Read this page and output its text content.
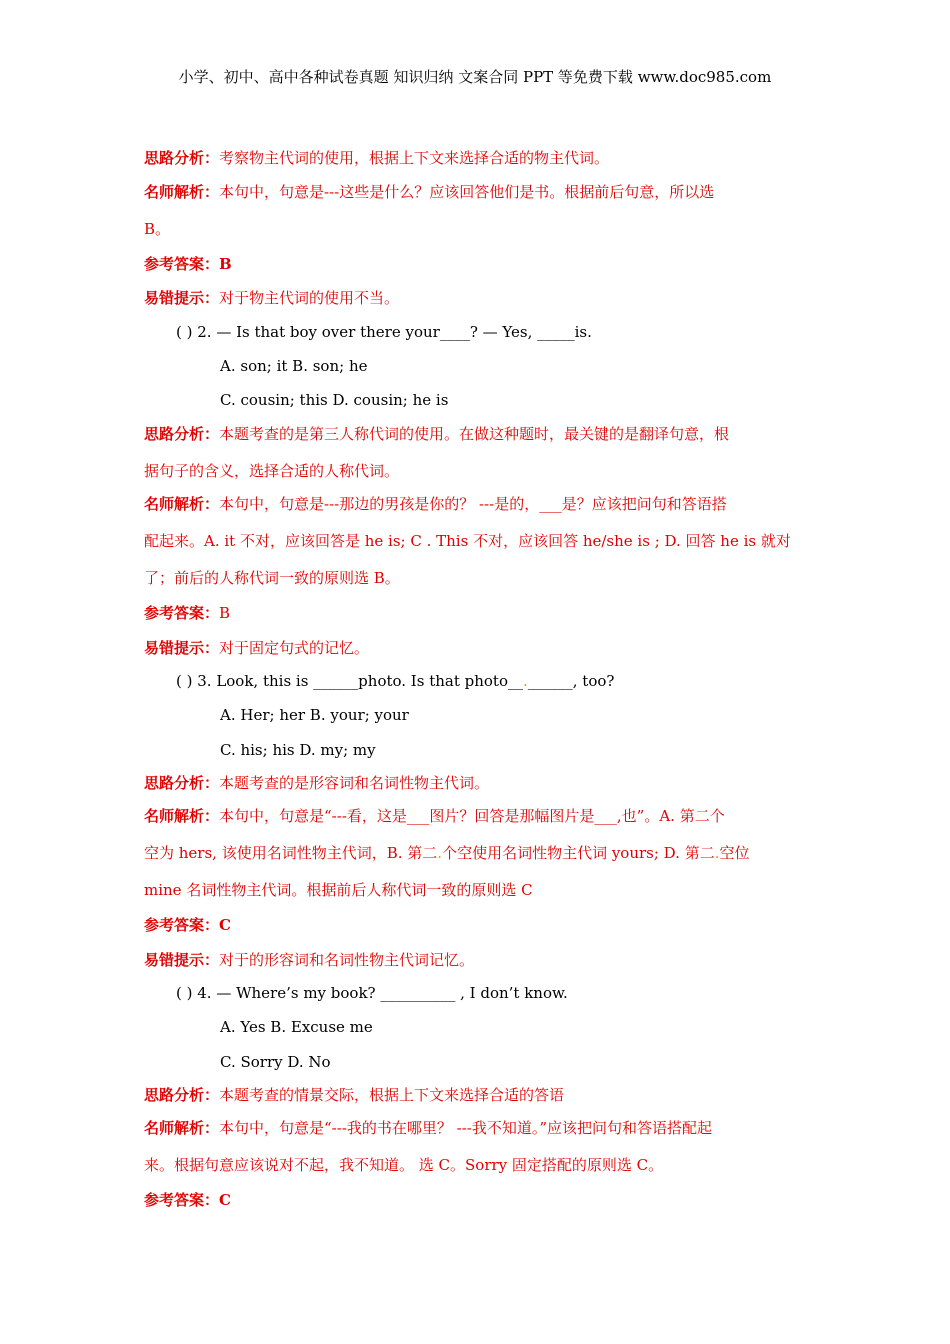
小学、初中、高中各种试卷真题 知识归纳 文案合同 PPT 等免费下载 www.doc985.com
思路分析：考察物主代词的使用，根据上下文来选择合适的物主代词。
名师解析：本句中，句意是---这些是什么？应该回答他们是书。根据前后句意，所以选
B。
参考答案：B
易错提示：对于物主代词的使用不当。
( ) 2. — Is that boy over there your____? — Yes, _____is.
A. son; it B. son; he
C. cousin; this D. cousin; he is
思路分析：本题考查的是第三人称代词的使用。在做这种题时，最关键的是翻译句意，根
据句子的含义，选择合适的人称代词。
名师解析：本句中，句意是---那边的男孩是你的？ ---是的，___是？应该把问句和答语搭
配起来。A. it 不对，应该回答是 he is; C . This 不对，应该回答 he/she is ; D. 回答 he is 就对
了；前后的人称代词一致的原则选 B。
参考答案：B
易错提示：对于固定句式的记忆。
( ) 3. Look, this is ______photo. Is that photo__.______, too?
A. Her; her B. your; your
C. his; his D. my; my
思路分析：本题考查的是形容词和名词性物主代词。
名师解析：本句中，句意是“---看，这是___图片？回答是那幅图片是___,也”。A. 第二个
空为 hers, 该使用名词性物主代词，B. 第二.个空使用名词性物主代词 yours; D. 第二.空位
mine 名词性物主代词。根据前后人称代词一致的原则选 C
参考答案：C
易错提示：对于的形容词和名词性物主代词记忆。
( ) 4. — Where’s my book? __________ , I don’t know.
A. Yes B. Excuse me
C. Sorry D. No
思路分析：本题考查的情景交际，根据上下文来选择合适的答语
名师解析：本句中，句意是“---我的书在哪里？ ---我不知道。”应该把问句和答语搭配起
来。根据句意应该说对不起，我不知道。 选 C。Sorry 固定搭配的原则选 C。
参考答案：C
